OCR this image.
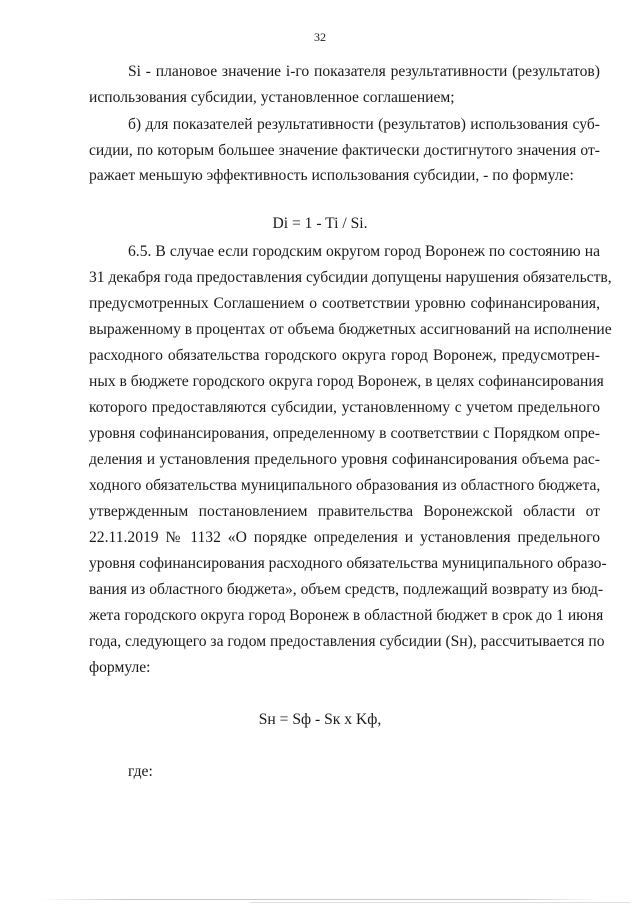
32
Si - плановое значение i-го показателя результативности (результатов)
использования субсидии, установленное соглашением;
б) для показателей результативности (результатов) использования суб-
сидии, по которым большее значение фактически достигнутого значения от-
ражает меньшую эффективность использования субсидии, - по формуле:
Di = 1 - Ti / Si.
6.5. В случае если городским округом город Воронеж по состоянию на
31 декабря года предоставления субсидии допущены нарушения обязательств,
предусмотренных Соглашением о соответствии уровню софинансирования,
выраженному в процентах от объема бюджетных ассигнований на исполнение
расходного обязательства городского округа город Воронеж, предусмотрен-
ных в бюджете городского округа город Воронеж, в целях софинансирования
которого предоставляются субсидии, установленному с учетом предельного
уровня софинансирования, определенному в соответствии с Порядком опре-
деления и установления предельного уровня софинансирования объема рас-
ходного обязательства муниципального образования из областного бюджета,
утвержденным постановлением правительства Воронежской области от
22.11.2019 № 1132 «О порядке определения и установления предельного
уровня софинансирования расходного обязательства муниципального образо-
вания из областного бюджета», объем средств, подлежащий возврату из бюд-
жета городского округа город Воронеж в областной бюджет в срок до 1 июня
года, следующего за годом предоставления субсидии (Sн), рассчитывается по
формуле:
Sн = Sф - Sк x Kф,
где:
